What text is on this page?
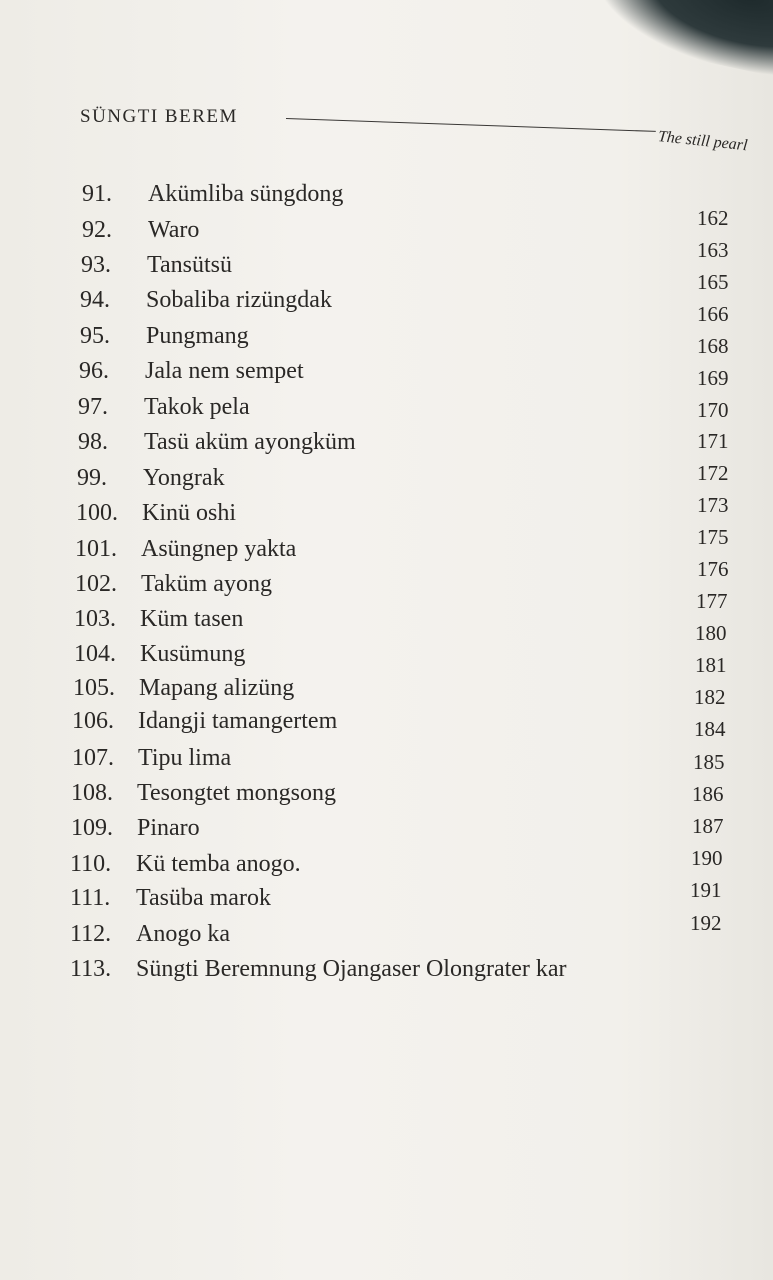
SÜNGTI BEREM
The still pearl
91. Akümliba süngdong
92. Waro
93. Tansütsü
94. Sobaliba rizüngdak
95. Pungmang
96. Jala nem sempet
97. Takok pela
98. Tasü aküm ayongküm
99. Yongrak
100. Kinü oshi
101. Asüngnep yakta
102. Taküm ayong
103. Küm tasen
104. Kusümung
105. Mapang alizüng
106. Idangji tamangertem
107. Tipu lima
108. Tesongtet mongsong
109. Pinaro
110. Kü temba anogo.
111. Tasüba marok
112. Anogo ka
113. Süngti Beremnung Ojangaser Olongrater kar
162
163
165
166
168
169
170
171
172
173
175
176
177
180
181
182
184
185
186
187
190
191
192
